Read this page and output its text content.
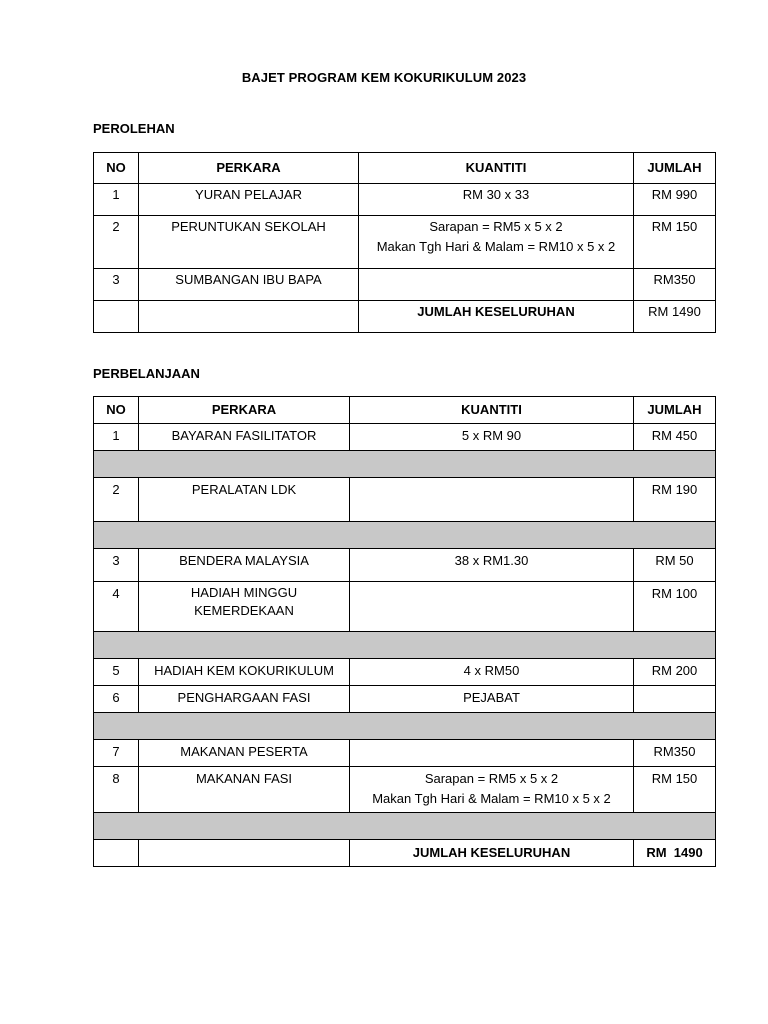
BAJET PROGRAM KEM KOKURIKULUM 2023
PEROLEHAN
NO	PERKARA	KUANTITI	JUMLAH
1	YURAN PELAJAR	RM 30 x 33	RM 990
2	PERUNTUKAN SEKOLAH	Sarapan = RM5 x 5 x 2
Makan Tgh Hari & Malam = RM10 x 5 x 2	RM 150
3	SUMBANGAN IBU BAPA		RM350
		JUMLAH KESELURUHAN	RM 1490
PERBELANJAAN
NO	PERKARA	KUANTITI	JUMLAH
1	BAYARAN FASILITATOR	5 x RM 90	RM 450

2	PERALATAN LDK		RM 190

3	BENDERA MALAYSIA	38 x RM1.30	RM 50
4	HADIAH MINGGU
KEMERDEKAAN		RM 100

5	HADIAH KEM KOKURIKULUM	4 x RM50	RM 200
6	PENGHARGAAN FASI	PEJABAT	

7	MAKANAN PESERTA		RM350
8	MAKANAN FASI	Sarapan = RM5 x 5 x 2
Makan Tgh Hari & Malam = RM10 x 5 x 2	RM 150

		JUMLAH KESELURUHAN	RM  1490
